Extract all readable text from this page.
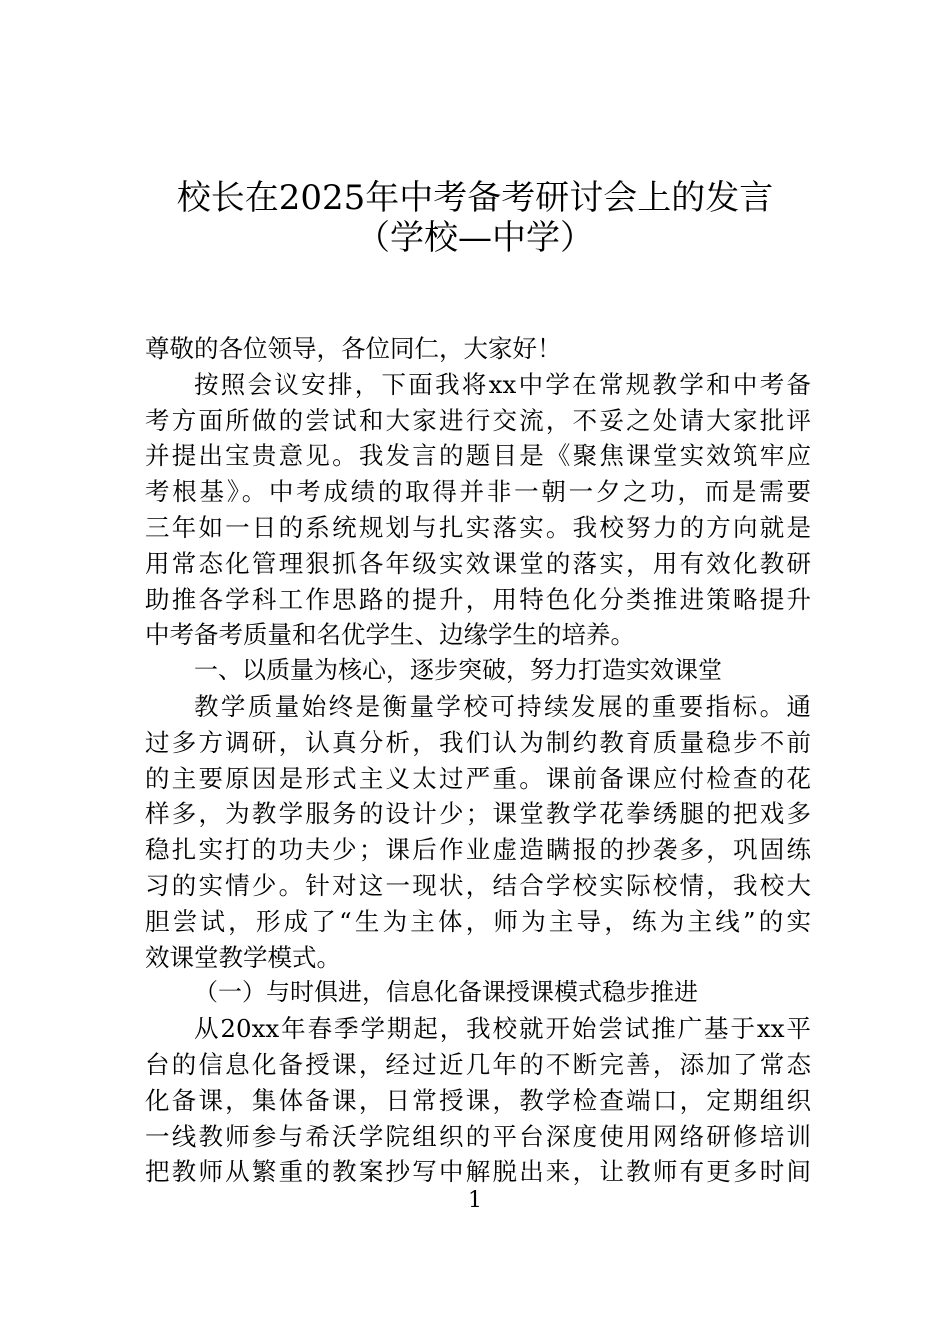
校长在2025年中考备考研讨会上的发言
（学校—中学）
尊敬的各位领导，各位同仁，大家好！
按照会议安排，下面我将xx中学在常规教学和中考备
考方面所做的尝试和大家进行交流，不妥之处请大家批评
并提出宝贵意见。我发言的题目是《聚焦课堂实效筑牢应
考根基》。中考成绩的取得并非一朝一夕之功，而是需要
三年如一日的系统规划与扎实落实。我校努力的方向就是
用常态化管理狠抓各年级实效课堂的落实，用有效化教研
助推各学科工作思路的提升，用特色化分类推进策略提升
中考备考质量和名优学生、边缘学生的培养。
一、以质量为核心，逐步突破，努力打造实效课堂
教学质量始终是衡量学校可持续发展的重要指标。通
过多方调研，认真分析，我们认为制约教育质量稳步不前
的主要原因是形式主义太过严重。课前备课应付检查的花
样多，为教学服务的设计少；课堂教学花拳绣腿的把戏多
稳扎实打的功夫少；课后作业虚造瞒报的抄袭多，巩固练
习的实情少。针对这一现状，结合学校实际校情，我校大
胆尝试，形成了“生为主体，师为主导，练为主线”的实
效课堂教学模式。
（一）与时俱进，信息化备课授课模式稳步推进
从20xx年春季学期起，我校就开始尝试推广基于xx平
台的信息化备授课，经过近几年的不断完善，添加了常态
化备课，集体备课，日常授课，教学检查端口，定期组织
一线教师参与希沃学院组织的平台深度使用网络研修培训
把教师从繁重的教案抄写中解脱出来，让教师有更多时间
1
